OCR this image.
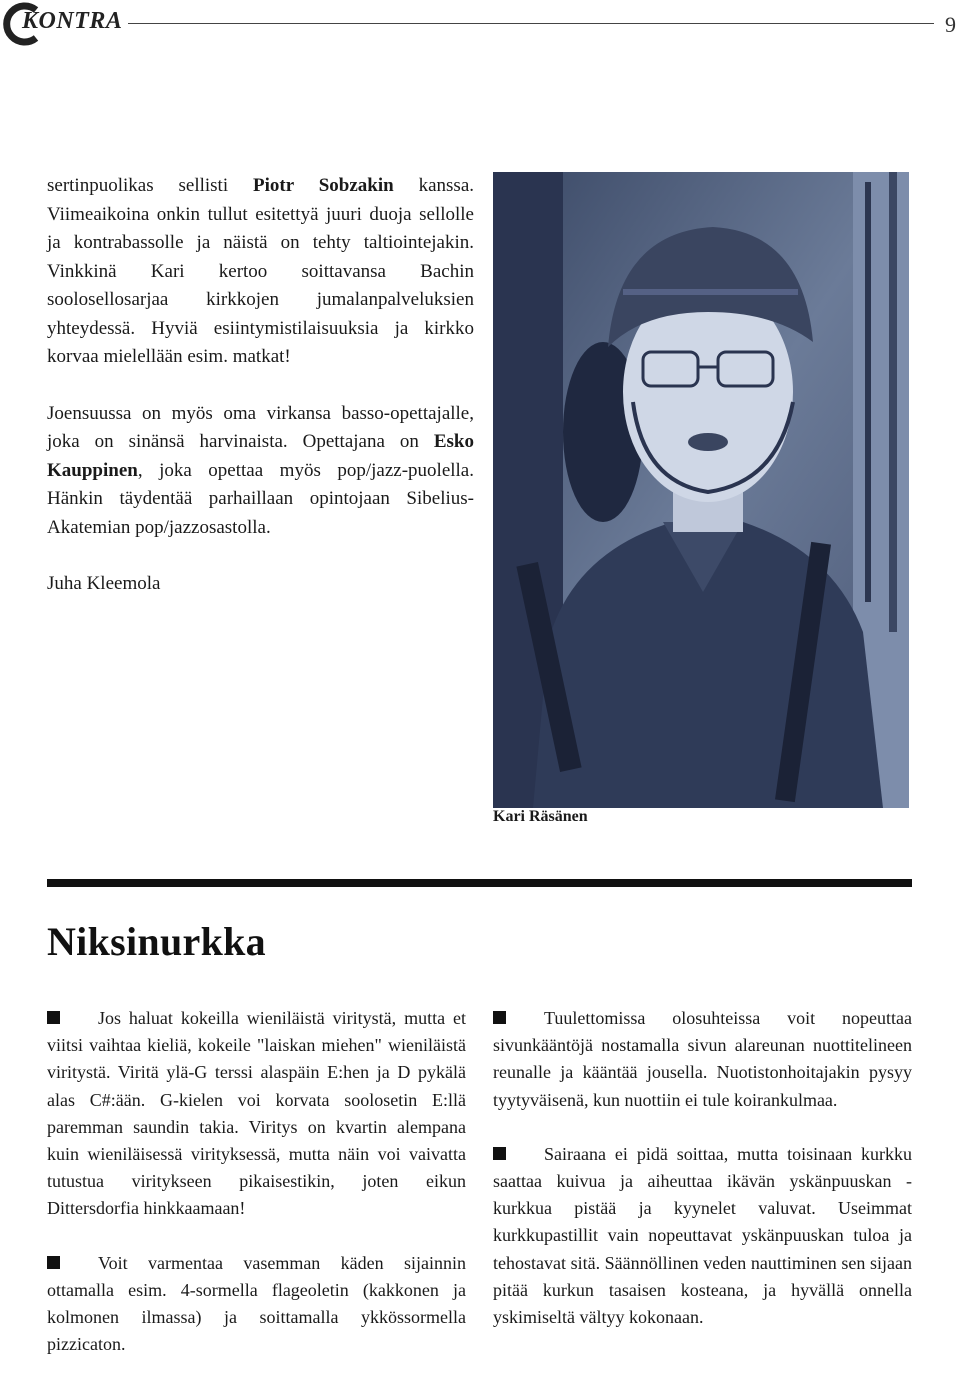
KONTRA	9

sertinpuolikas sellisti Piotr Sobzakin kanssa. Viimeaikoina onkin tullut esitettyä juuri duoja sellolle ja kontrabassolle ja näistä on tehty taltiointejakin. Vinkkinä Kari kertoo soittavansa Bachin soolosellosarjaa kirkkojen jumalanpalveluksien yhteydessä. Hyviä esiintymistilaisuuksia ja kirkko korvaa mielellään esim. matkat!

Joensuussa on myös oma virkansa basso-opettajalle, joka on sinänsä harvinaista. Opettajana on Esko Kauppinen, joka opettaa myös pop/jazz-puolella. Hänkin täydentää parhaillaan opintojaan Sibelius-Akatemian pop/jazzosastolla.

Juha Kleemola

Kari Räsänen
Niksinurkka

Jos haluat kokeilla wieniläistä viritystä, mutta et viitsi vaihtaa kieliä, kokeile "laiskan miehen" wieniläistä viritystä. Viritä ylä-G terssi alaspäin E:hen ja D pykälä alas C#:ään. G-kielen voi korvata soolosetin E:llä paremman saundin takia. Viritys on kvartin alempana kuin wieniläisessä virityksessä, mutta näin voi vaivatta tutustua viritykseen pikaisestikin, joten eikun Dittersdorfia hinkkaamaan!

Voit varmentaa vasemman käden sijainnin ottamalla esim. 4-sormella flageoletin (kakkonen ja kolmonen ilmassa) ja soittamalla ykkössormella pizzicaton.

Tuulettomissa olosuhteissa voit nopeuttaa sivunkääntöjä nostamalla sivun alareunan nuottitelineen reunalle ja kääntää jousella. Nuotistonhoitajakin pysyy tyytyväisenä, kun nuottiin ei tule koirankulmaa.

Sairaana ei pidä soittaa, mutta toisinaan kurkku saattaa kuivua ja aiheuttaa ikävän yskänpuuskan - kurkkua pistää ja kyynelet valuvat. Useimmat kurkkupastillit vain nopeuttavat yskänpuuskan tuloa ja tehostavat sitä. Säännöllinen veden nauttiminen sen sijaan pitää kurkun tasaisen kosteana, ja hyvällä onnella yskimiseltä vältyy kokonaan.
